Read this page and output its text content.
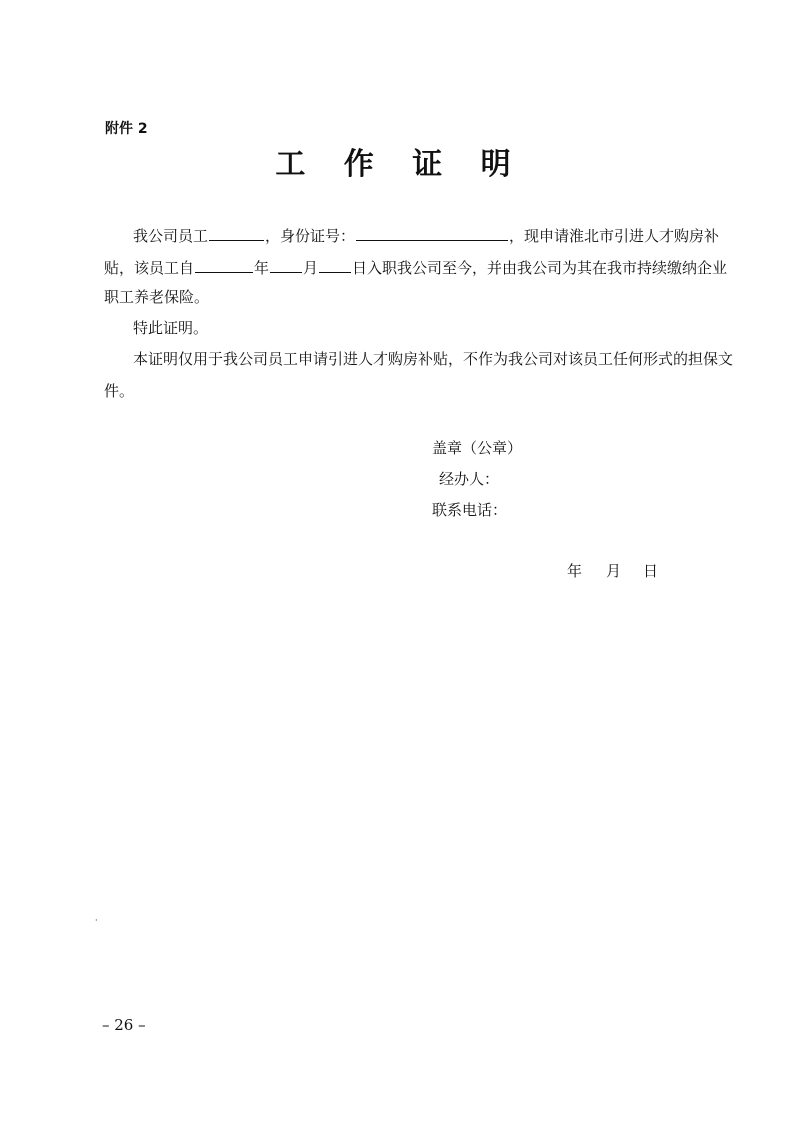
附件 2
工 作 证 明
我公司员工	，身份证号：	，现申请淮北市引进人才购房补
贴，该员工自	年 月 日入职我公司至今，并由我公司为其在我市持续缴纳企业
职工养老保险。
特此证明。
本证明仅用于我公司员工申请引进人才购房补贴，不作为我公司对该员工任何形式的担保文
件。
盖章（公章）
经办人：
联系电话：
年 月 日
·
– 26 –
